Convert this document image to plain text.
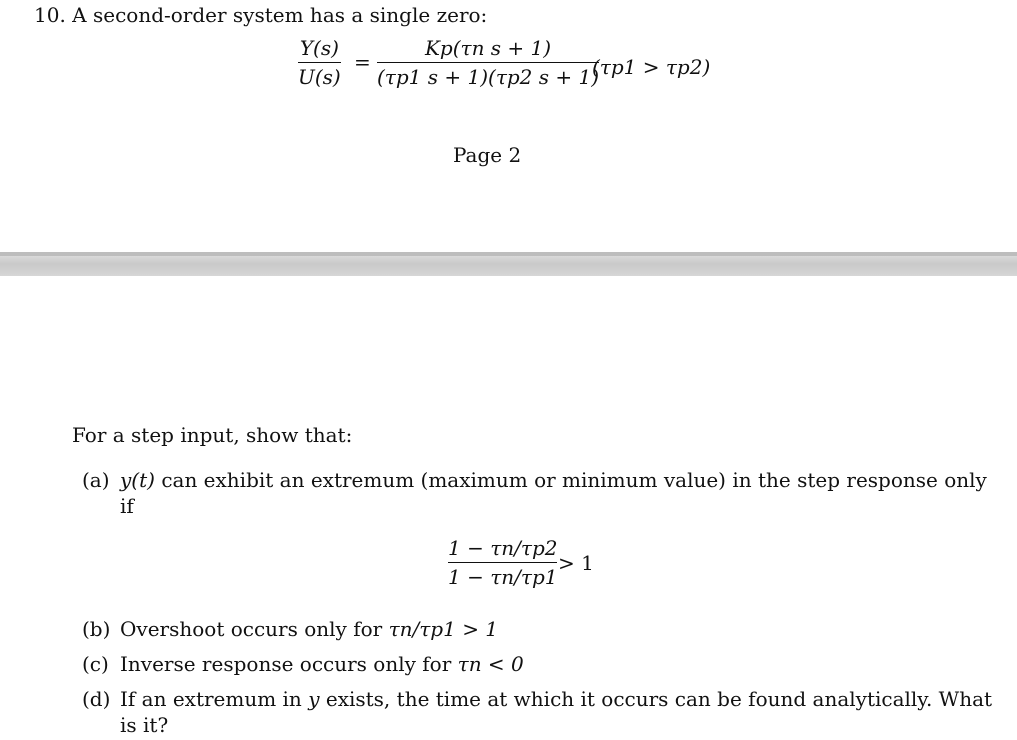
10. A second-order system has a single zero:
Y(s)
U(s)
=
Kp(τn s + 1)
(τp1 s + 1)(τp2 s + 1)
(τp1 > τp2)
Page 2
For a step input, show that:
(a) y(t) can exhibit an extremum (maximum or minimum value) in the step response only
if
1 − τn/τp2
1 − τn/τp1
> 1
(b) Overshoot occurs only for τn/τp1 > 1
(c) Inverse response occurs only for τn < 0
(d) If an extremum in y exists, the time at which it occurs can be found analytically. What
is it?
